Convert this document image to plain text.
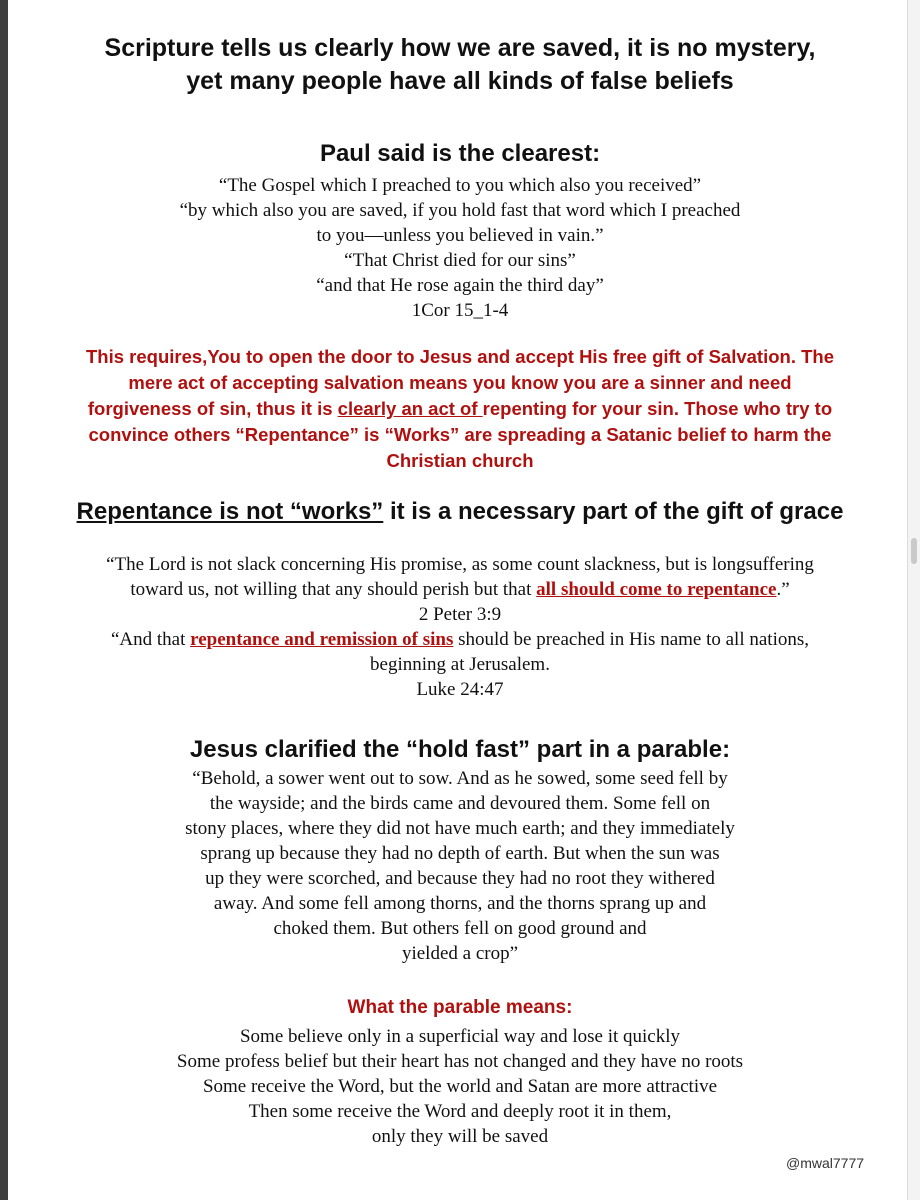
Scripture tells us clearly how we are saved, it is no mystery,
yet many people have all kinds of false beliefs
Paul said is the clearest:
“The Gospel which I preached to you which also you received”
“by which also you are saved, if you hold fast that word which I preached
to you—unless you believed in vain.”
“That Christ died for our sins”
“and that He rose again the third day”
1Cor 15_1-4
This requires,You to open the door to Jesus and accept His free gift of Salvation. The
mere act of accepting salvation means you know you are a sinner and need
forgiveness of sin, thus it is clearly an act of repenting for your sin. Those who try to
convince others “Repentance” is “Works” are spreading a Satanic belief to harm the
Christian church
Repentance is not “works” it is a necessary part of the gift of grace
“The Lord is not slack concerning His promise, as some count slackness, but is longsuffering
toward us, not willing that any should perish but that all should come to repentance.”
2 Peter 3:9
“And that repentance and remission of sins should be preached in His name to all nations,
beginning at Jerusalem.
Luke 24:47
Jesus clarified the “hold fast” part in a parable:
“Behold, a sower went out to sow. And as he sowed, some seed fell by
the wayside; and the birds came and devoured them. Some fell on
stony places, where they did not have much earth; and they immediately
sprang up because they had no depth of earth. But when the sun was
up they were scorched, and because they had no root they withered
away. And some fell among thorns, and the thorns sprang up and
choked them. But others fell on good ground and
yielded a crop”
What the parable means:
Some believe only in a superficial way and lose it quickly
Some profess belief but their heart has not changed and they have no roots
Some receive the Word, but the world and Satan are more attractive
Then some receive the Word and deeply root it in them,
only they will be saved
@mwal7777
